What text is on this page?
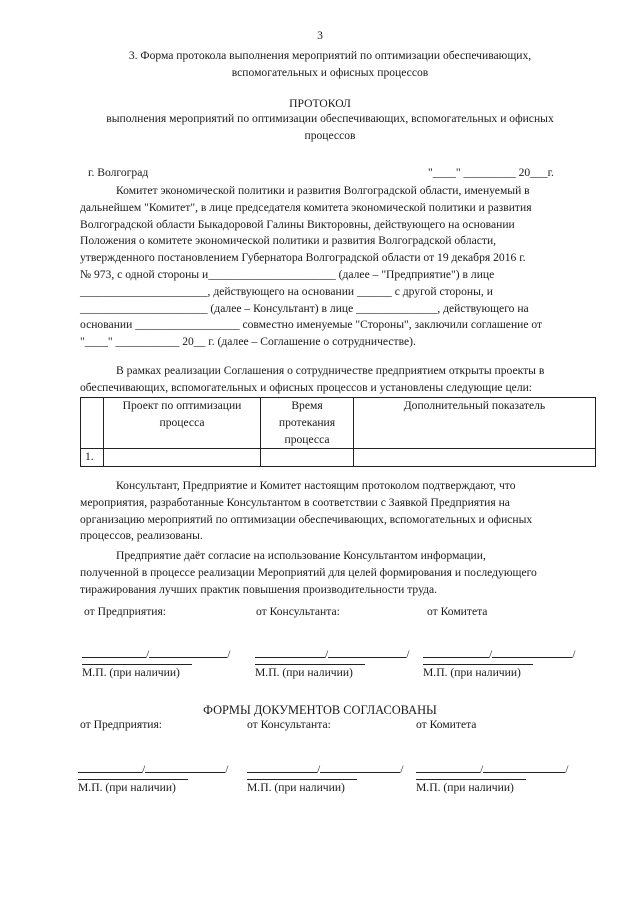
3
3. Форма протокола выполнения мероприятий по оптимизации обеспечивающих,
вспомогательных и офисных процессов
ПРОТОКОЛ
выполнения мероприятий по оптимизации обеспечивающих, вспомогательных и офисных
процессов
г. Волгоград	"____" _________ 20___г.
Комитет экономической политики и развития Волгоградской области, именуемый в
дальнейшем "Комитет", в лице председателя комитета экономической политики и развития
Волгоградской области Быкадоровой Галины Викторовны, действующего на основании
Положения о комитете экономической политики и развития Волгоградской области,
утвержденного постановлением Губернатора Волгоградской области от 19 декабря 2016 г.
№ 973, с одной стороны и______________________ (далее – "Предприятие") в лице
______________________, действующего на основании ______ с другой стороны, и
______________________ (далее – Консультант) в лице ______________, действующего на
основании __________________ совместно именуемые "Стороны", заключили соглашение от
"____" ___________ 20__ г. (далее – Соглашение о сотрудничестве).
В рамках реализации Соглашения о сотрудничестве предприятием открыты проекты в
обеспечивающих, вспомогательных и офисных процессов и установлены следующие цели:
	Проект по оптимизации
процесса	Время
протекания
процесса	Дополнительный показатель
1.			
Консультант, Предприятие и Комитет настоящим протоколом подтверждают, что
мероприятия, разработанные Консультантом в соответствии с Заявкой Предприятия на
организацию мероприятий по оптимизации обеспечивающих, вспомогательных и офисных
процессов, реализованы.
Предприятие даёт согласие на использование Консультантом информации,
полученной в процессе реализации Мероприятий для целей формирования и последующего
тиражирования лучших практик повышения производительности труда.
от Предприятия:	от Консультанта:	от Комитета
/	/
М.П. (при наличии)
/	/
М.П. (при наличии)
/	/
М.П. (при наличии)
ФОРМЫ ДОКУМЕНТОВ СОГЛАСОВАНЫ
от Предприятия:	от Консультанта:	от Комитета
/	/
М.П. (при наличии)
/	/
М.П. (при наличии)
/	/
М.П. (при наличии)
